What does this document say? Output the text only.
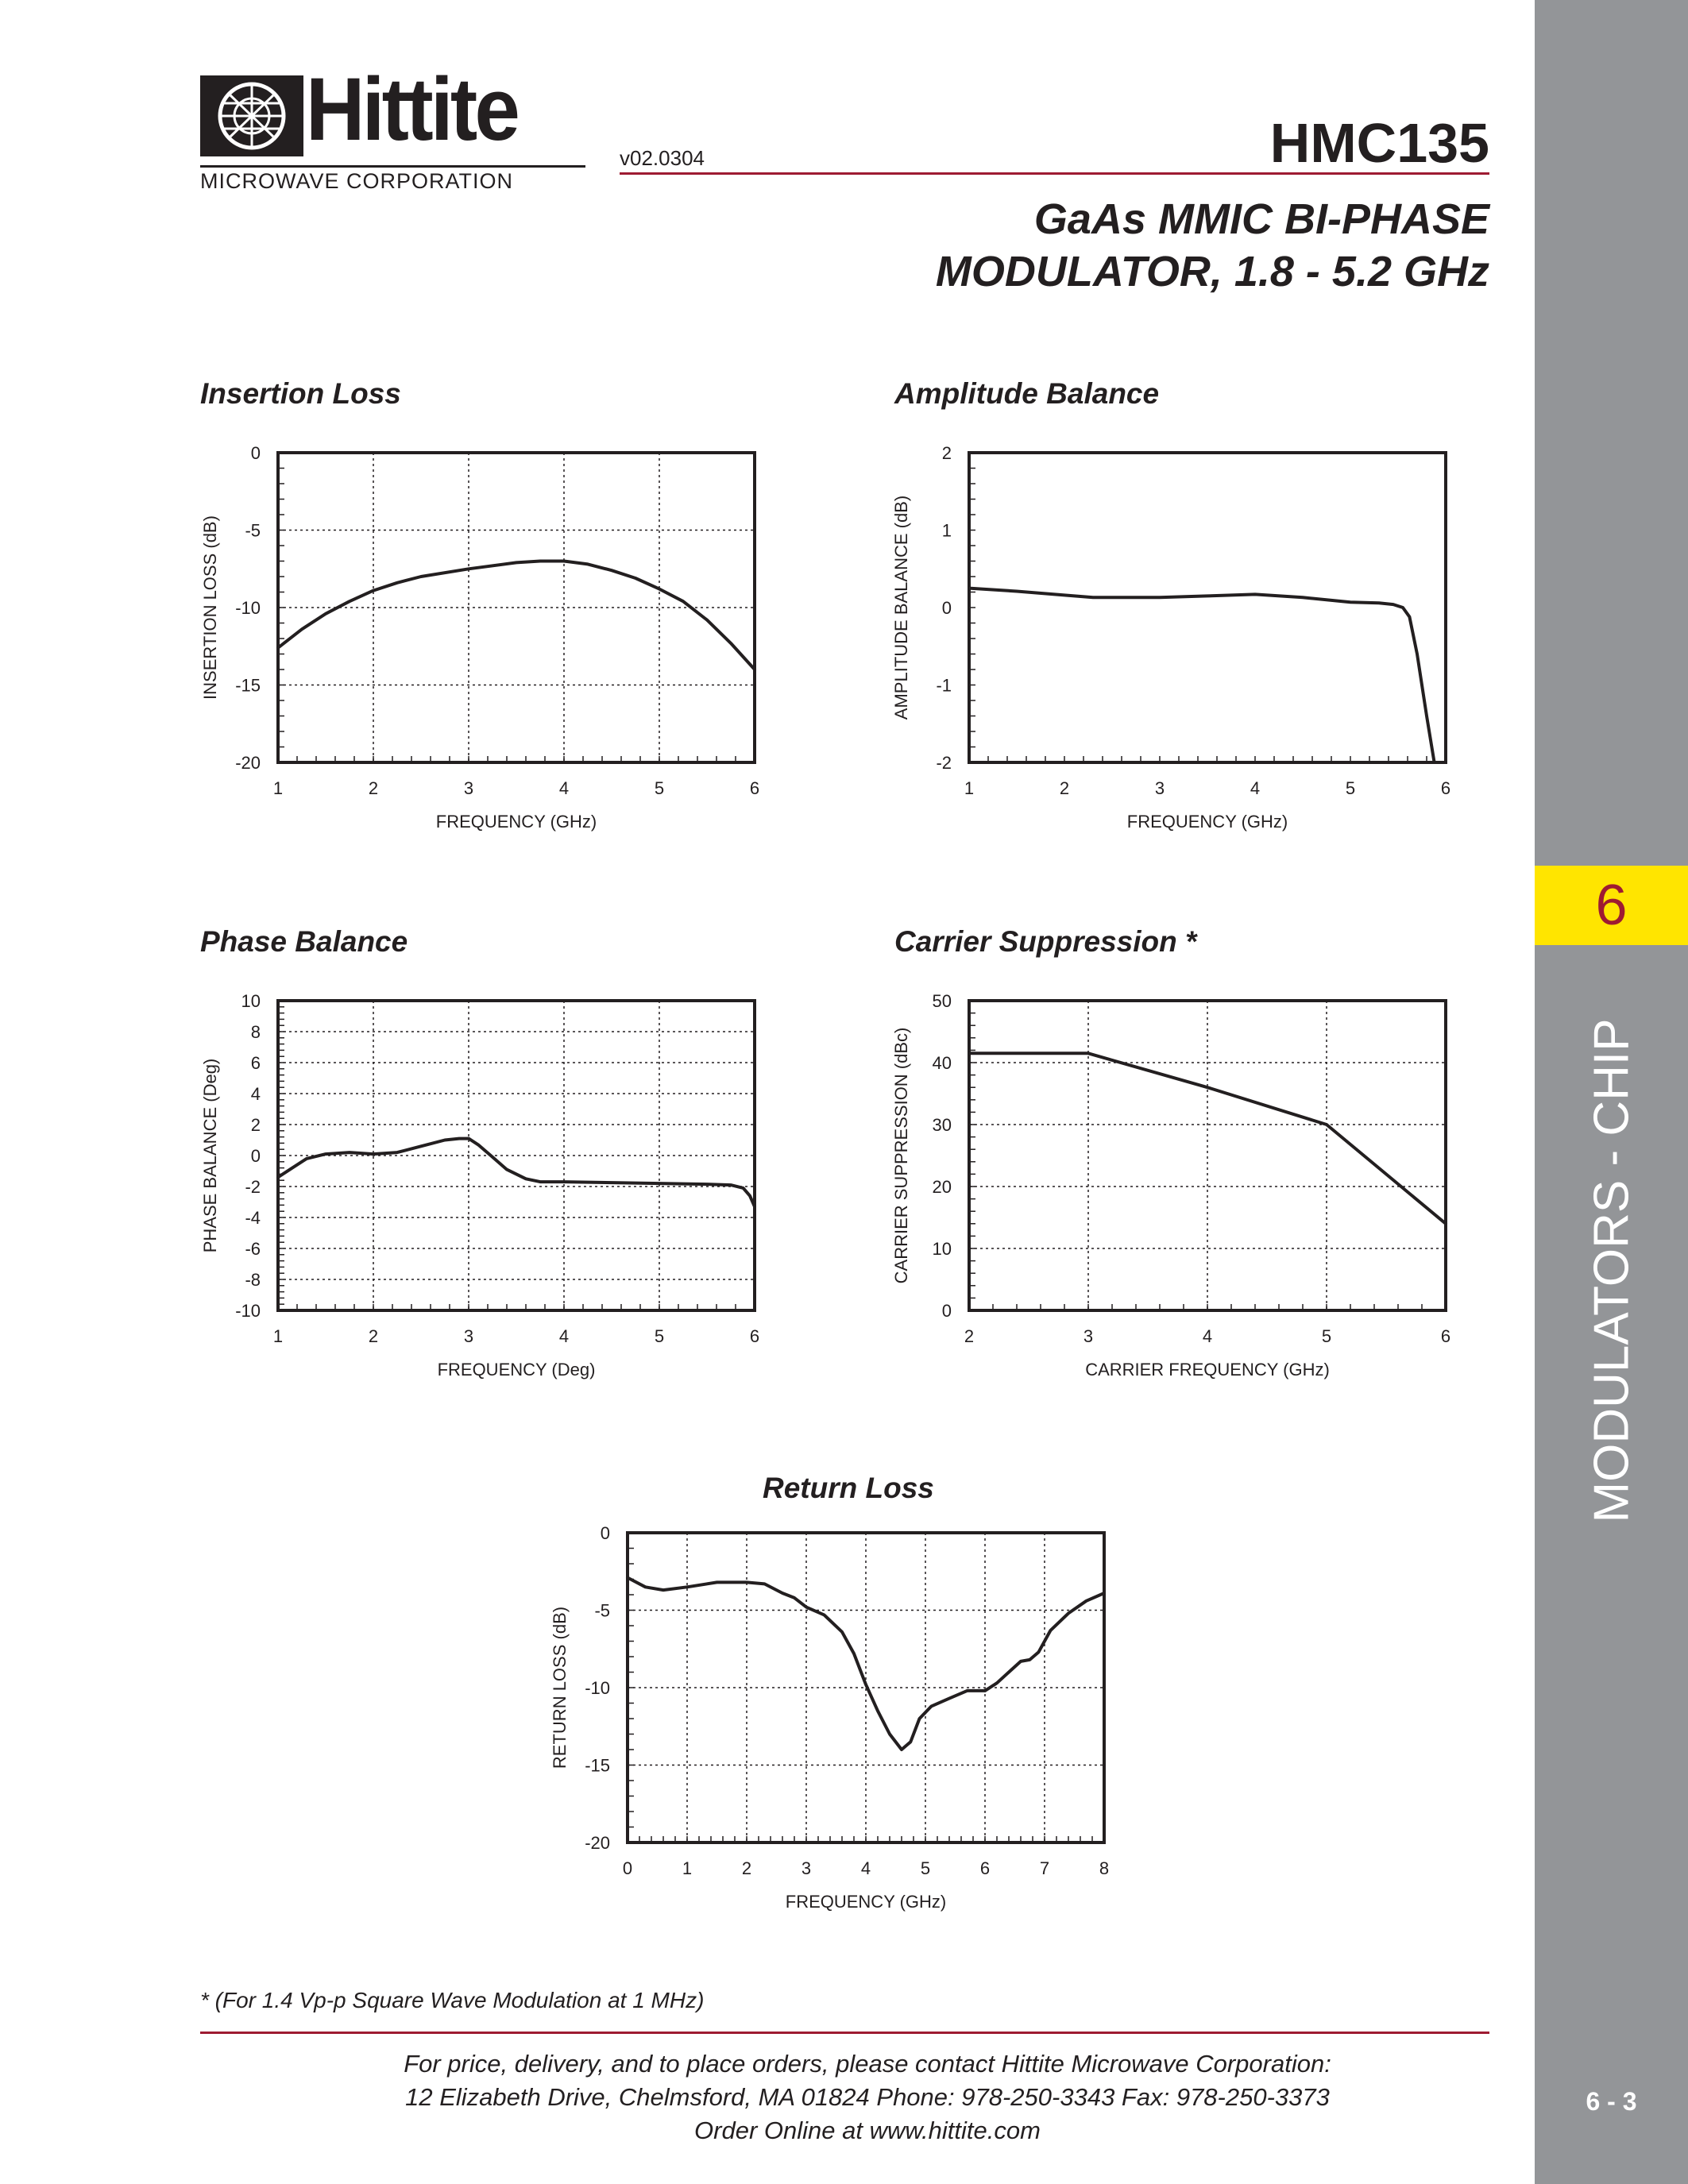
Hittite
MICROWAVE CORPORATION
v02.0304	HMC135
GaAs MMIC BI-PHASE
MODULATOR, 1.8 - 5.2 GHz
6
MODULATORS - CHIP
6 - 3
Insertion Loss	Amplitude Balance
Phase Balance	Carrier Suppression *
Return Loss
1	2	3	4	5	6
0
-5
-10
-15
-20
FREQUENCY (GHz)
INSERTION LOSS (dB)
1	2	3	4	5	6
2
1
0
-1
-2
FREQUENCY (GHz)
AMPLITUDE BALANCE (dB)
1	2	3	4	5	6
10
8
6
4
2
0
-2
-4
-6
-8
-10
FREQUENCY (Deg)
PHASE BALANCE (Deg)
2	3	4	5	6
50
40
30
20
10
0
CARRIER FREQUENCY (GHz)
CARRIER SUPPRESSION (dBc)
0	1	2	3	4	5	6	7	8
0
-5
-10
-15
-20
FREQUENCY (GHz)
RETURN LOSS (dB)
* (For 1.4 Vp-p Square Wave Modulation at 1 MHz)
For price, delivery, and to place orders, please contact Hittite Microwave Corporation:
12 Elizabeth Drive, Chelmsford, MA 01824 Phone: 978-250-3343 Fax: 978-250-3373
Order Online at www.hittite.com
